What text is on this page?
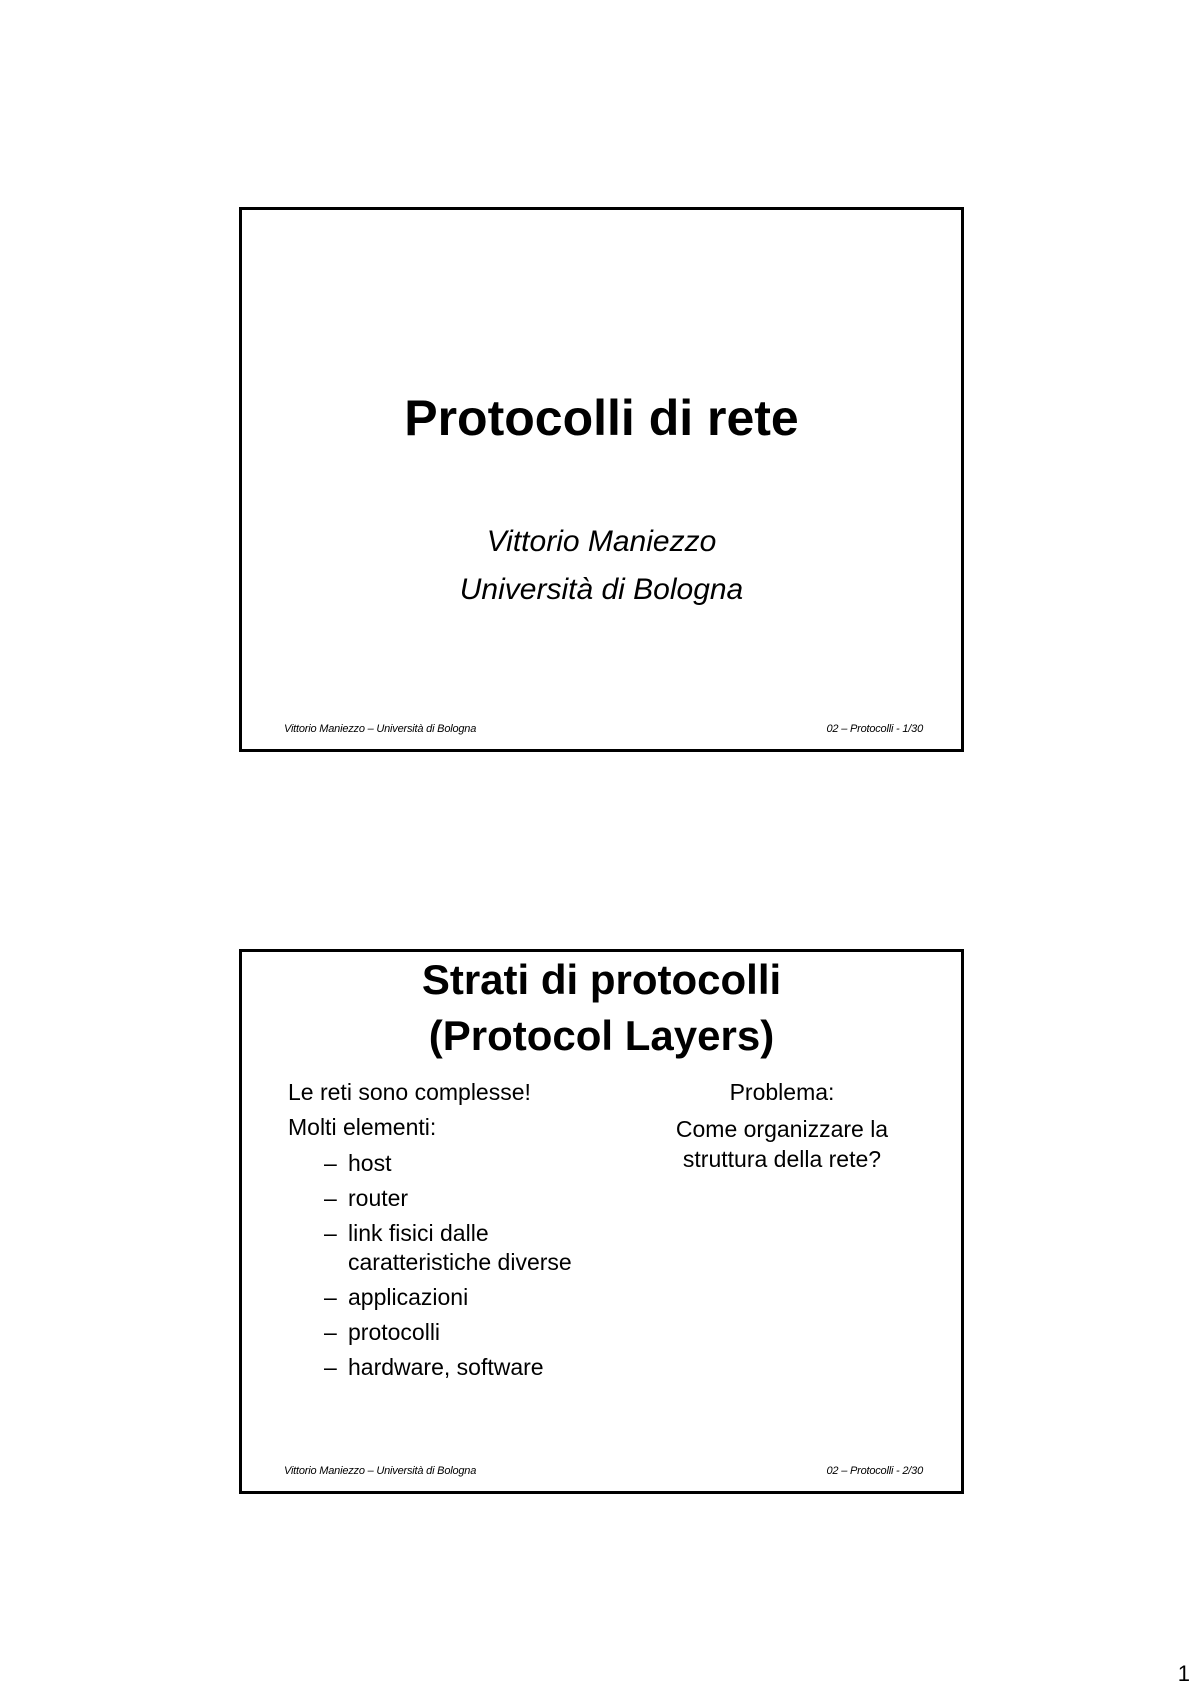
Protocolli di rete
Vittorio Maniezzo
Università di Bologna
Vittorio Maniezzo – Università di Bologna	02 – Protocolli - 1/30
Strati di protocolli
(Protocol Layers)
Le reti sono complesse!
Molti elementi:
– host
– router
– link fisici dalle caratteristiche diverse
– applicazioni
– protocolli
– hardware, software
Problema:
Come organizzare la struttura della rete?
Vittorio Maniezzo – Università di Bologna	02 – Protocolli - 2/30
1
